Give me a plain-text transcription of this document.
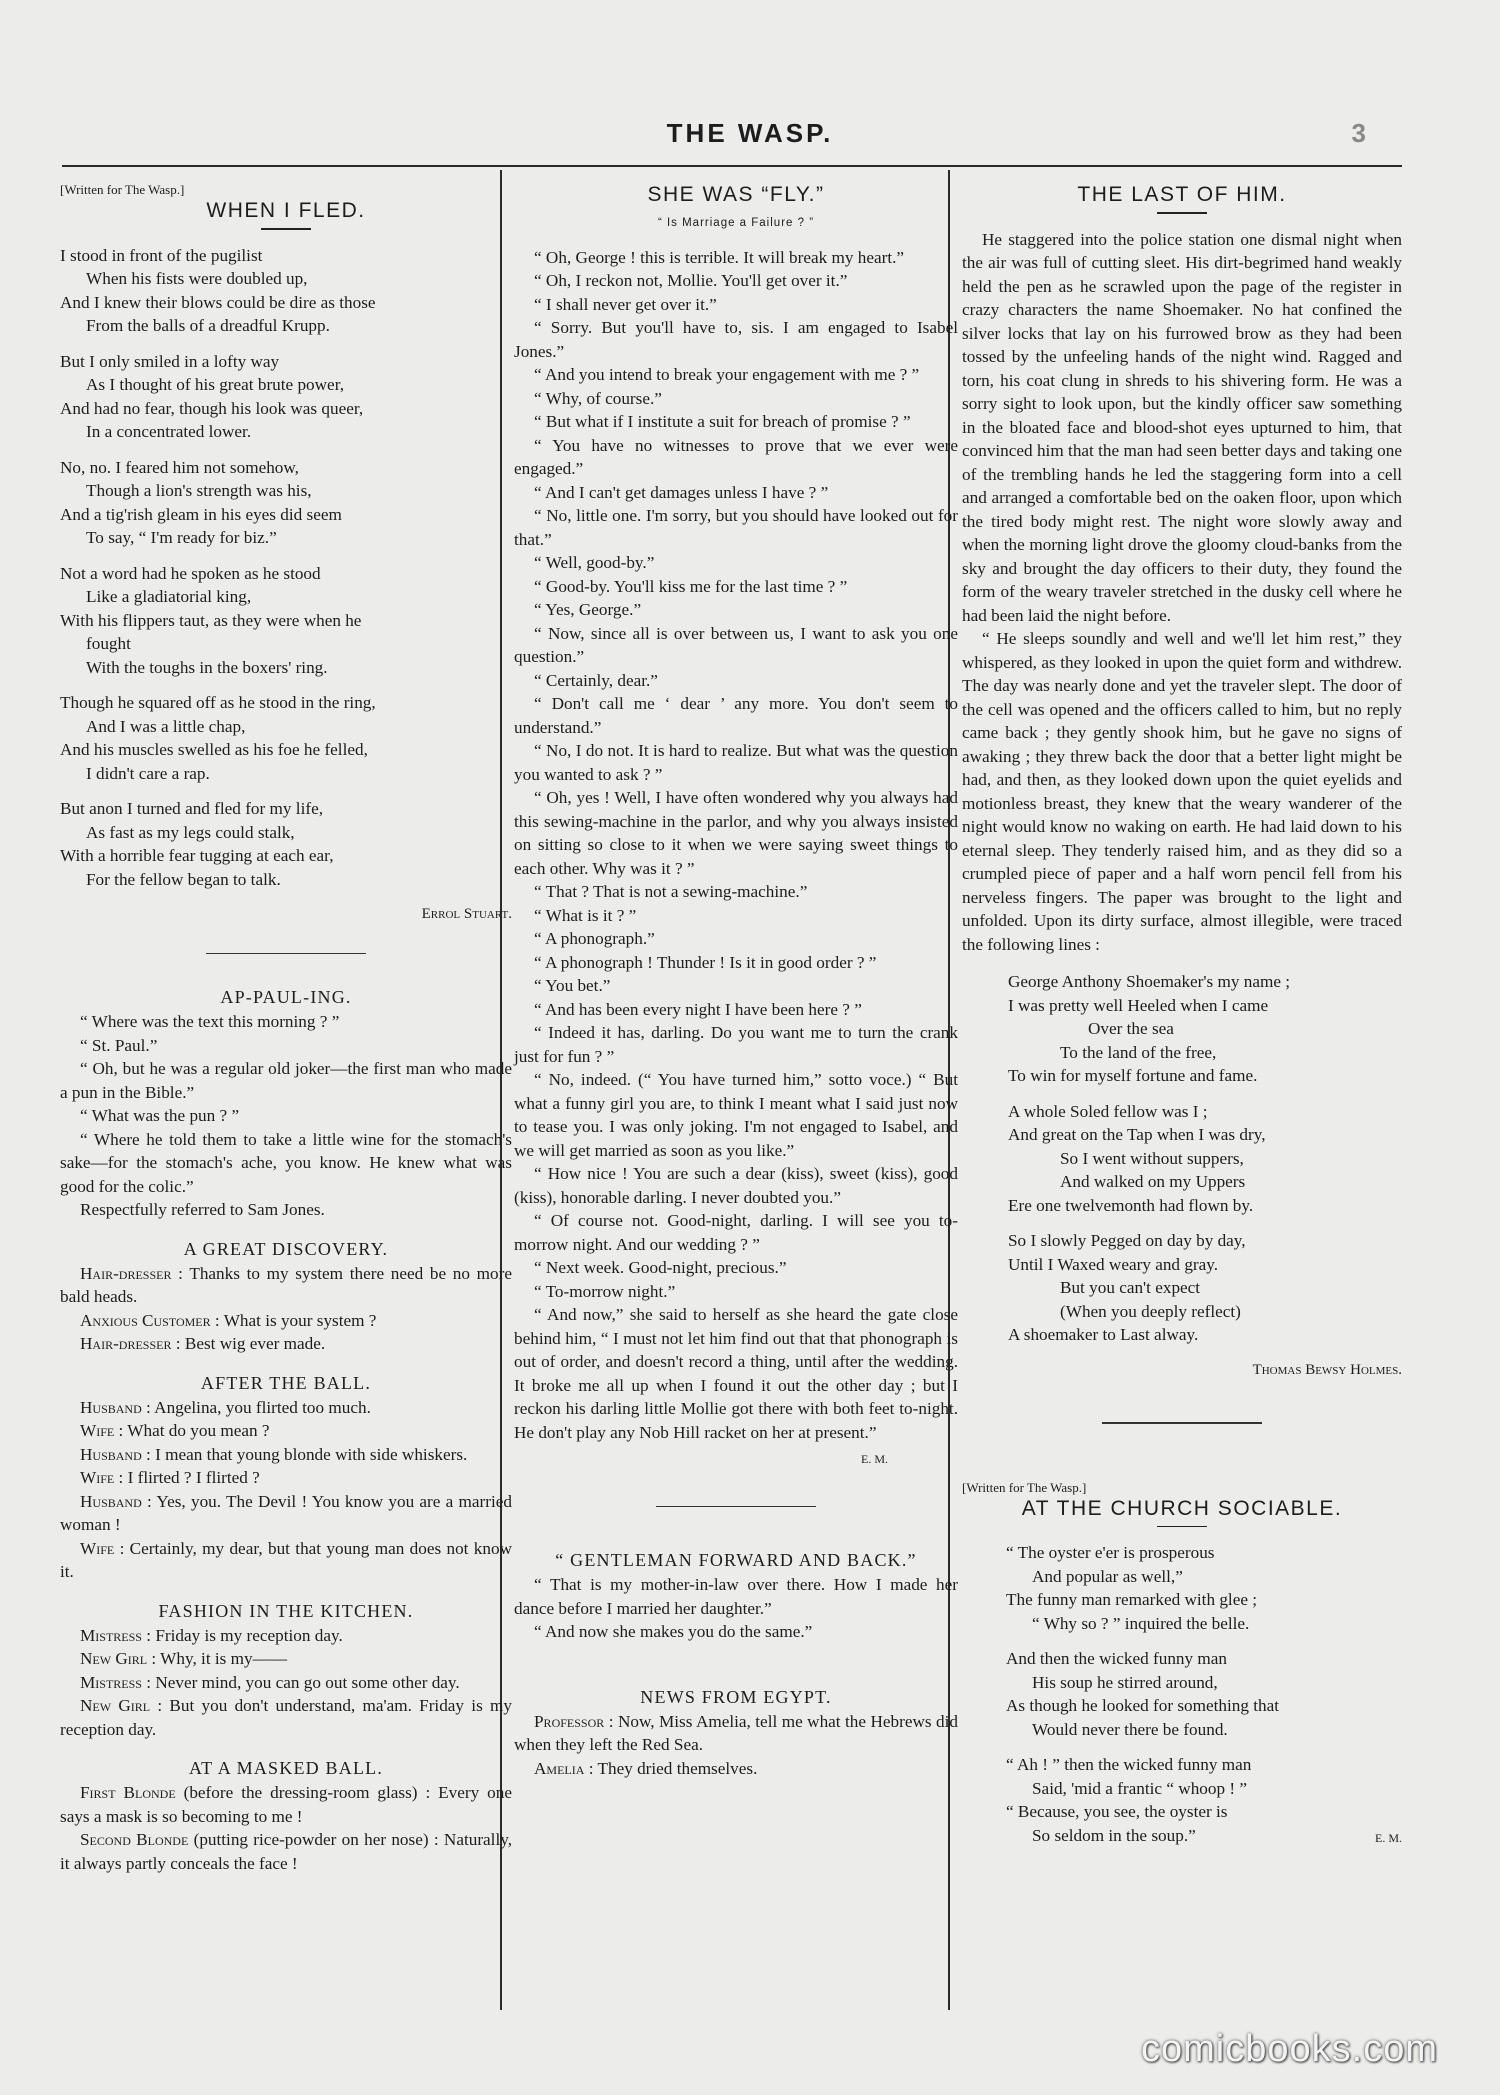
THE WASP.	3
[Written for The Wasp.]
WHEN I FLED.
I stood in front of the pugilist
When his fists were doubled up,
And I knew their blows could be dire as those
From the balls of a dreadful Krupp.
But I only smiled in a lofty way
As I thought of his great brute power,
And had no fear, though his look was queer,
In a concentrated lower.
No, no. I feared him not somehow,
Though a lion's strength was his,
And a tig'rish gleam in his eyes did seem
To say, “ I'm ready for biz.”
Not a word had he spoken as he stood
Like a gladiatorial king,
With his flippers taut, as they were when he
fought
With the toughs in the boxers' ring.
Though he squared off as he stood in the ring,
And I was a little chap,
And his muscles swelled as his foe he felled,
I didn't care a rap.
But anon I turned and fled for my life,
As fast as my legs could stalk,
With a horrible fear tugging at each ear,
For the fellow began to talk.
Errol Stuart.
AP-PAUL-ING.

“ Where was the text this morning ? ”

“ St. Paul.”

“ Oh, but he was a regular old joker—the first man who made a pun in the Bible.”

“ What was the pun ? ”

“ Where he told them to take a little wine for the stomach's sake—for the stomach's ache, you know. He knew what was good for the colic.”

Respectfully referred to Sam Jones.

A GREAT DISCOVERY.

Hair-dresser : Thanks to my system there need be no more bald heads.

Anxious Customer : What is your system ?

Hair-dresser : Best wig ever made.

AFTER THE BALL.

Husband : Angelina, you flirted too much.

Wife : What do you mean ?

Husband : I mean that young blonde with side whiskers.

Wife : I flirted ? I flirted ?

Husband : Yes, you. The Devil ! You know you are a married woman !

Wife : Certainly, my dear, but that young man does not know it.

FASHION IN THE KITCHEN.

Mistress : Friday is my reception day.

New Girl : Why, it is my——

Mistress : Never mind, you can go out some other day.

New Girl : But you don't understand, ma'am. Friday is my reception day.

AT A MASKED BALL.

First Blonde (before the dressing-room glass) : Every one says a mask is so becoming to me !

Second Blonde (putting rice-powder on her nose) : Naturally, it always partly conceals the face !

SHE WAS “FLY.”
“ Is Marriage a Failure ? ”

“ Oh, George ! this is terrible. It will break my heart.”

“ Oh, I reckon not, Mollie. You'll get over it.”

“ I shall never get over it.”

“ Sorry. But you'll have to, sis. I am engaged to Isabel Jones.”

“ And you intend to break your engagement with me ? ”

“ Why, of course.”

“ But what if I institute a suit for breach of promise ? ”

“ You have no witnesses to prove that we ever were engaged.”

“ And I can't get damages unless I have ? ”

“ No, little one. I'm sorry, but you should have looked out for that.”

“ Well, good-by.”

“ Good-by. You'll kiss me for the last time ? ”

“ Yes, George.”

“ Now, since all is over between us, I want to ask you one question.”

“ Certainly, dear.”

“ Don't call me ‘ dear ’ any more. You don't seem to understand.”

“ No, I do not. It is hard to realize. But what was the question you wanted to ask ? ”

“ Oh, yes ! Well, I have often wondered why you always had this sewing-machine in the parlor, and why you always insisted on sitting so close to it when we were saying sweet things to each other. Why was it ? ”

“ That ? That is not a sewing-machine.”

“ What is it ? ”

“ A phonograph.”

“ A phonograph ! Thunder ! Is it in good order ? ”

“ You bet.”

“ And has been every night I have been here ? ”

“ Indeed it has, darling. Do you want me to turn the crank just for fun ? ”

“ No, indeed. (“ You have turned him,” sotto voce.) “ But what a funny girl you are, to think I meant what I said just now to tease you. I was only joking. I'm not engaged to Isabel, and we will get married as soon as you like.”

“ How nice ! You are such a dear (kiss), sweet (kiss), good (kiss), honorable darling. I never doubted you.”

“ Of course not. Good-night, darling. I will see you to-morrow night. And our wedding ? ”

“ Next week. Good-night, precious.”

“ To-morrow night.”

“ And now,” she said to herself as she heard the gate close behind him, “ I must not let him find out that that phonograph is out of order, and doesn't record a thing, until after the wedding. It broke me all up when I found it out the other day ; but I reckon his darling little Mollie got there with both feet to-night. He don't play any Nob Hill racket on her at present.”

E. M.
“ GENTLEMAN FORWARD AND BACK.”

“ That is my mother-in-law over there. How I made her dance before I married her daughter.”

“ And now she makes you do the same.”

NEWS FROM EGYPT.

Professor : Now, Miss Amelia, tell me what the Hebrews did when they left the Red Sea.

Amelia : They dried themselves.

THE LAST OF HIM.

He staggered into the police station one dismal night when the air was full of cutting sleet. His dirt-begrimed hand weakly held the pen as he scrawled upon the page of the register in crazy characters the name Shoemaker. No hat confined the silver locks that lay on his furrowed brow as they had been tossed by the unfeeling hands of the night wind. Ragged and torn, his coat clung in shreds to his shivering form. He was a sorry sight to look upon, but the kindly officer saw something in the bloated face and blood-shot eyes upturned to him, that convinced him that the man had seen better days and taking one of the trembling hands he led the staggering form into a cell and arranged a comfortable bed on the oaken floor, upon which the tired body might rest. The night wore slowly away and when the morning light drove the gloomy cloud-banks from the sky and brought the day officers to their duty, they found the form of the weary traveler stretched in the dusky cell where he had been laid the night before.

“ He sleeps soundly and well and we'll let him rest,” they whispered, as they looked in upon the quiet form and withdrew. The day was nearly done and yet the traveler slept. The door of the cell was opened and the officers called to him, but no reply came back ; they gently shook him, but he gave no signs of awaking ; they threw back the door that a better light might be had, and then, as they looked down upon the quiet eyelids and motionless breast, they knew that the weary wanderer of the night would know no waking on earth. He had laid down to his eternal sleep. They tenderly raised him, and as they did so a crumpled piece of paper and a half worn pencil fell from his nerveless fingers. The paper was brought to the light and unfolded. Upon its dirty surface, almost illegible, were traced the following lines :

George Anthony Shoemaker's my name ;
I was pretty well Heeled when I came
Over the sea
To the land of the free,
To win for myself fortune and fame.
A whole Soled fellow was I ;
And great on the Tap when I was dry,
So I went without suppers,
And walked on my Uppers
Ere one twelvemonth had flown by.
So I slowly Pegged on day by day,
Until I Waxed weary and gray.
But you can't expect
(When you deeply reflect)
A shoemaker to Last alway.
Thomas Bewsy Holmes.
[Written for The Wasp.]
AT THE CHURCH SOCIABLE.
“ The oyster e'er is prosperous
And popular as well,”
The funny man remarked with glee ;
“ Why so ? ” inquired the belle.
And then the wicked funny man
His soup he stirred around,
As though he looked for something that
Would never there be found.
“ Ah ! ” then the wicked funny man
Said, 'mid a frantic “ whoop ! ”
“ Because, you see, the oyster is
So seldom in the soup.”	E. M.
comicbooks.com
